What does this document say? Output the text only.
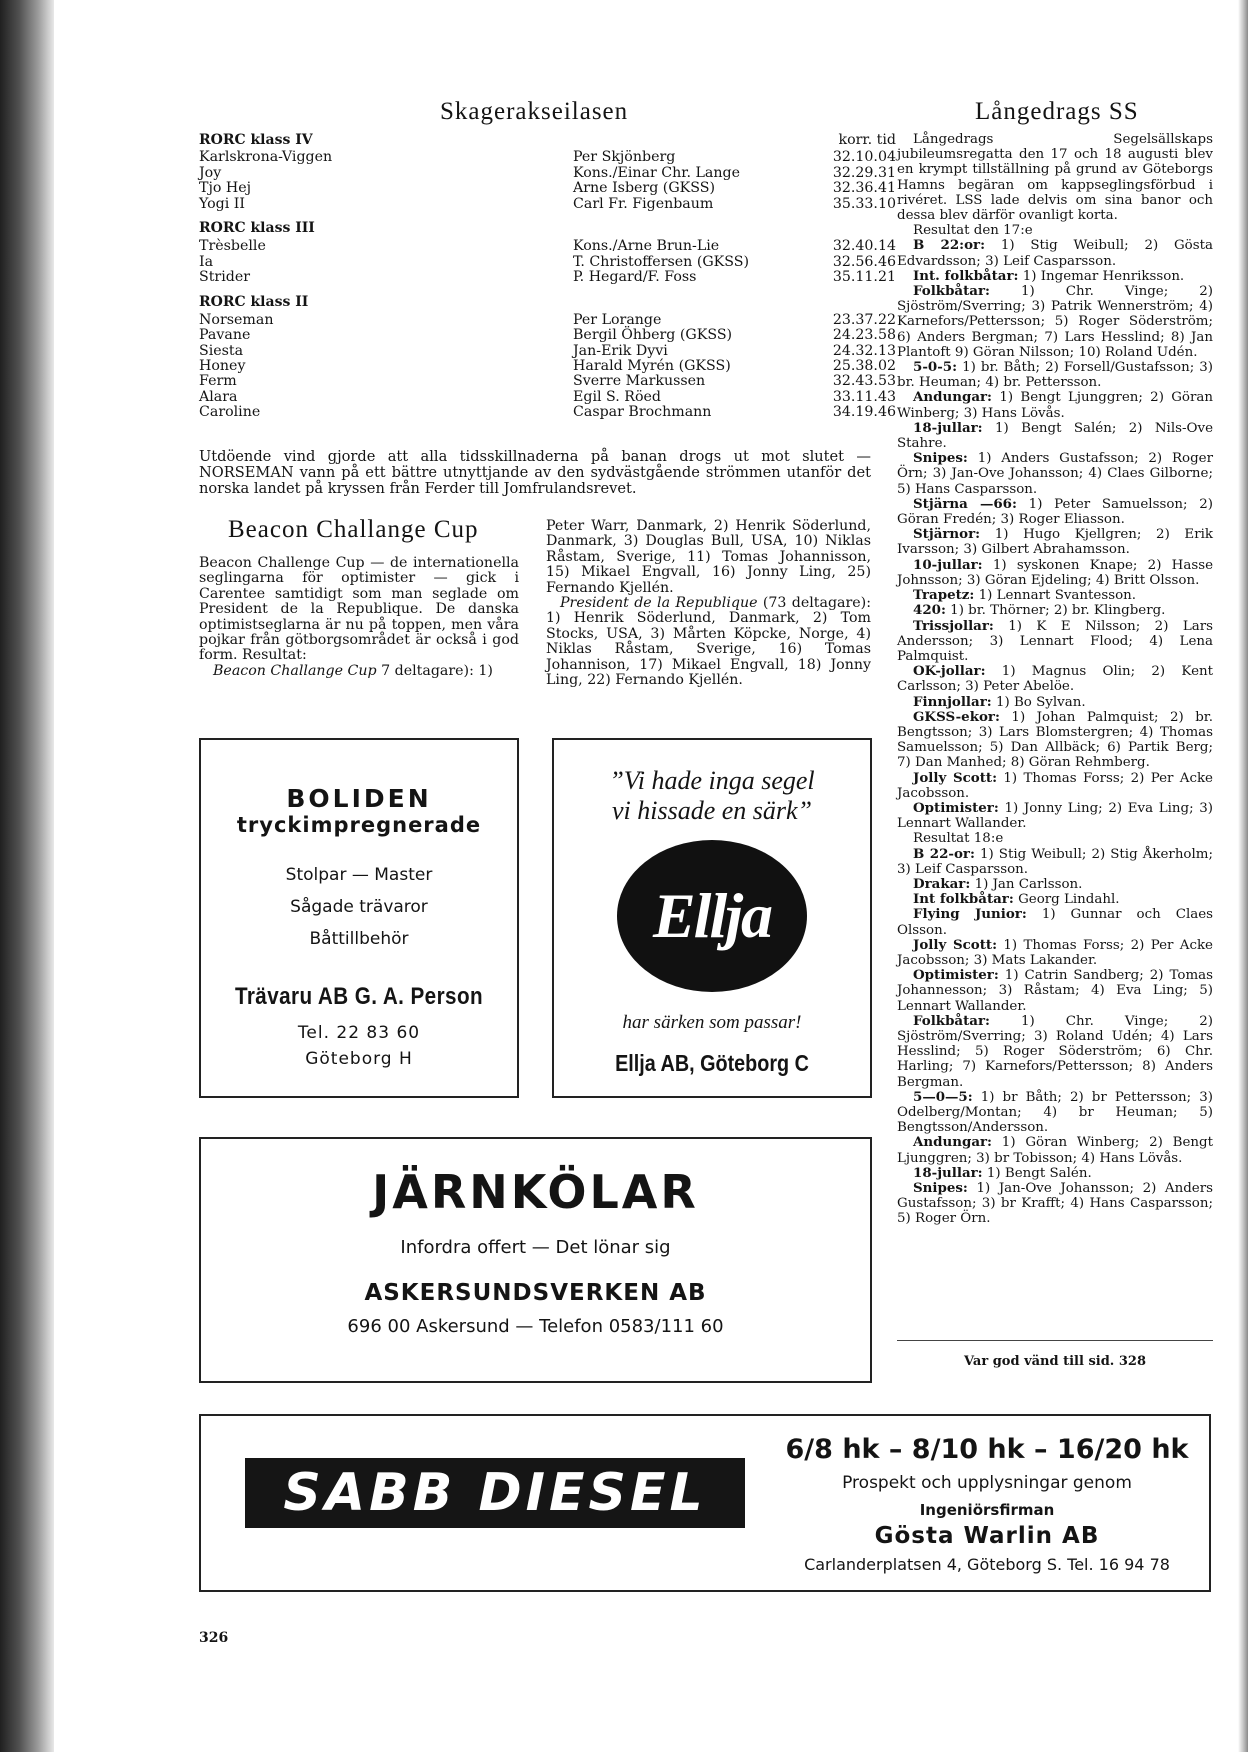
Skagerakseilasen
RORC klass IV	korr. tid
Karlskrona-Viggen	Per Skjönberg	32.10.04
Joy	Kons./Einar Chr. Lange	32.29.31
Tjo Hej	Arne Isberg (GKSS)	32.36.41
Yogi II	Carl Fr. Figenbaum	35.33.10
RORC klass III
Trèsbelle	Kons./Arne Brun-Lie	32.40.14
Ia	T. Christoffersen (GKSS)	32.56.46
Strider	P. Hegard/F. Foss	35.11.21
RORC klass II
Norseman	Per Lorange	23.37.22
Pavane	Bergil Öhberg (GKSS)	24.23.58
Siesta	Jan-Erik Dyvi	24.32.13
Honey	Harald Myrén (GKSS)	25.38.02
Ferm	Sverre Markussen	32.43.53
Alara	Egil S. Röed	33.11.43
Caroline	Caspar Brochmann	34.19.46
Utdöende vind gjorde att alla tidsskillnaderna på banan drogs ut mot slutet — NORSEMAN vann på ett bättre utnyttjande av den sydvästgående strömmen utanför det norska landet på kryssen från Ferder till Jomfrulandsrevet.
Beacon Challange Cup
Beacon Challenge Cup — de internationella seglingarna för optimister — gick i Carentee samtidigt som man seglade om President de la Republique. De danska optimistseglarna är nu på toppen, men våra pojkar från götborgsområdet är också i god form. Resultat:
Beacon Challange Cup 7 deltagare): 1)
Peter Warr, Danmark, 2) Henrik Söderlund, Danmark, 3) Douglas Bull, USA, 10) Niklas Råstam, Sverige, 11) Tomas Johannisson, 15) Mikael Engvall, 16) Jonny Ling, 25) Fernando Kjellén.
President de la Republique (73 deltagare): 1) Henrik Söderlund, Danmark, 2) Tom Stocks, USA, 3) Mårten Köpcke, Norge, 4) Niklas Råstam, Sverige, 16) Tomas Johannison, 17) Mikael Engvall, 18) Jonny Ling, 22) Fernando Kjellén.
BOLIDEN
tryckimpregnerade
Stolpar — Master
Sågade trävaror
Båttillbehör
Trävaru AB G. A. Person
Tel. 22 83 60
Göteborg H
”Vi hade inga segel
vi hissade en särk”
Ellja
har särken som passar!
Ellja AB, Göteborg C
JÄRNKÖLAR
Infordra offert — Det lönar sig
ASKERSUNDSVERKEN AB
696 00 Askersund — Telefon 0583/111 60
SABB DIESEL
6/8 hk – 8/10 hk – 16/20 hk
Prospekt och upplysningar genom
Ingeniörsfirman
Gösta Warlin AB
Carlanderplatsen 4, Göteborg S. Tel. 16 94 78
Långedrags SS

Långedrags Segelsällskaps jubileumsregatta den 17 och 18 augusti blev en krympt tillställning på grund av Göteborgs Hamns begäran om kappseglingsförbud i rivéret. LSS lade delvis om sina banor och dessa blev därför ovanligt korta.

Resultat den 17:e

B 22:or: 1) Stig Weibull; 2) Gösta Edvardsson; 3) Leif Casparsson.

Int. folkbåtar: 1) Ingemar Henriksson.

Folkbåtar: 1) Chr. Vinge; 2) Sjöström/Sverring; 3) Patrik Wennerström; 4) Karnefors/Pettersson; 5) Roger Söderström; 6) Anders Bergman; 7) Lars Hesslind; 8) Jan Plantoft 9) Göran Nilsson; 10) Roland Udén.

5-0-5: 1) br. Båth; 2) Forsell/Gustafsson; 3) br. Heuman; 4) br. Pettersson.

Andungar: 1) Bengt Ljunggren; 2) Göran Winberg; 3) Hans Lövås.

18-jullar: 1) Bengt Salén; 2) Nils-Ove Stahre.

Snipes: 1) Anders Gustafsson; 2) Roger Örn; 3) Jan-Ove Johansson; 4) Claes Gilborne; 5) Hans Casparsson.

Stjärna —66: 1) Peter Samuelsson; 2) Göran Fredén; 3) Roger Eliasson.

Stjärnor: 1) Hugo Kjellgren; 2) Erik Ivarsson; 3) Gilbert Abrahamsson.

10-jullar: 1) syskonen Knape; 2) Hasse Johnsson; 3) Göran Ejdeling; 4) Britt Olsson.

Trapetz: 1) Lennart Svantesson.

420: 1) br. Thörner; 2) br. Klingberg.

Trissjollar: 1) K E Nilsson; 2) Lars Andersson; 3) Lennart Flood; 4) Lena Palmquist.

OK-jollar: 1) Magnus Olin; 2) Kent Carlsson; 3) Peter Abelöe.

Finnjollar: 1) Bo Sylvan.

GKSS-ekor: 1) Johan Palmquist; 2) br. Bengtsson; 3) Lars Blomstergren; 4) Thomas Samuelsson; 5) Dan Allbäck; 6) Partik Berg; 7) Dan Manhed; 8) Göran Rehmberg.

Jolly Scott: 1) Thomas Forss; 2) Per Acke Jacobsson.

Optimister: 1) Jonny Ling; 2) Eva Ling; 3) Lennart Wallander.

Resultat 18:e

B 22-or: 1) Stig Weibull; 2) Stig Åkerholm; 3) Leif Casparsson.

Drakar: 1) Jan Carlsson.

Int folkbåtar: Georg Lindahl.

Flying Junior: 1) Gunnar och Claes Olsson.

Jolly Scott: 1) Thomas Forss; 2) Per Acke Jacobsson; 3) Mats Lakander.

Optimister: 1) Catrin Sandberg; 2) Tomas Johannesson; 3) Råstam; 4) Eva Ling; 5) Lennart Wallander.

Folkbåtar: 1) Chr. Vinge; 2) Sjöström/Sverring; 3) Roland Udén; 4) Lars Hesslind; 5) Roger Söderström; 6) Chr. Harling; 7) Karnefors/Pettersson; 8) Anders Bergman.

5—0—5: 1) br Båth; 2) br Pettersson; 3) Odelberg/Montan; 4) br Heuman; 5) Bengtsson/Andersson.

Andungar: 1) Göran Winberg; 2) Bengt Ljunggren; 3) br Tobisson; 4) Hans Lövås.

18-jullar: 1) Bengt Salén.

Snipes: 1) Jan-Ove Johansson; 2) Anders Gustafsson; 3) br Krafft; 4) Hans Casparsson; 5) Roger Örn.

Var god vänd till sid. 328
326
